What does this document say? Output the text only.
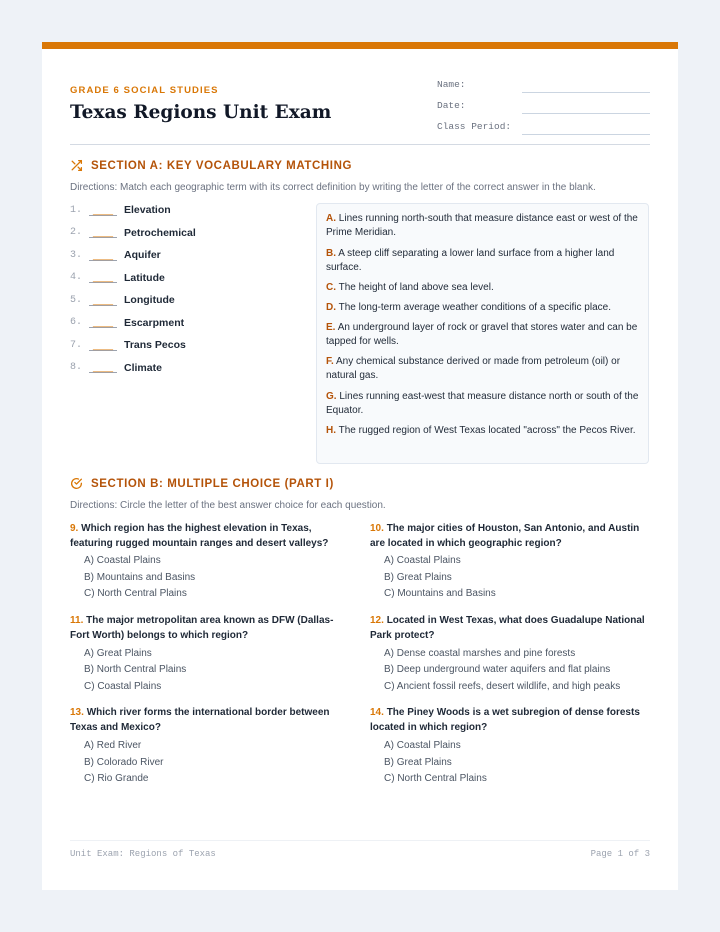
GRADE 6 SOCIAL STUDIES
Texas Regions Unit Exam
Name:
Date:
Class Period:
SECTION A: KEY VOCABULARY MATCHING
Directions: Match each geographic term with its correct definition by writing the letter of the correct answer in the blank.
1.	____	Elevation
2.	____	Petrochemical
3.	____	Aquifer
4.	____	Latitude
5.	____	Longitude
6.	____	Escarpment
7.	____	Trans Pecos
8.	____	Climate
A. Lines running north-south that measure distance east or west of the Prime Meridian.
B. A steep cliff separating a lower land surface from a higher land surface.
C. The height of land above sea level.
D. The long-term average weather conditions of a specific place.
E. An underground layer of rock or gravel that stores water and can be tapped for wells.
F. Any chemical substance derived or made from petroleum (oil) or natural gas.
G. Lines running east-west that measure distance north or south of the Equator.
H. The rugged region of West Texas located "across" the Pecos River.
SECTION B: MULTIPLE CHOICE (PART I)
Directions: Circle the letter of the best answer choice for each question.
9. Which region has the highest elevation in Texas, featuring rugged mountain ranges and desert valleys?
A) Coastal Plains
B) Mountains and Basins
C) North Central Plains
10. The major cities of Houston, San Antonio, and Austin are located in which geographic region?
A) Coastal Plains
B) Great Plains
C) Mountains and Basins
11. The major metropolitan area known as DFW (Dallas-Fort Worth) belongs to which region?
A) Great Plains
B) North Central Plains
C) Coastal Plains
12. Located in West Texas, what does Guadalupe National Park protect?
A) Dense coastal marshes and pine forests
B) Deep underground water aquifers and flat plains
C) Ancient fossil reefs, desert wildlife, and high peaks
13. Which river forms the international border between Texas and Mexico?
A) Red River
B) Colorado River
C) Rio Grande
14. The Piney Woods is a wet subregion of dense forests located in which region?
A) Coastal Plains
B) Great Plains
C) North Central Plains
Unit Exam: Regions of Texas	Page 1 of 3
